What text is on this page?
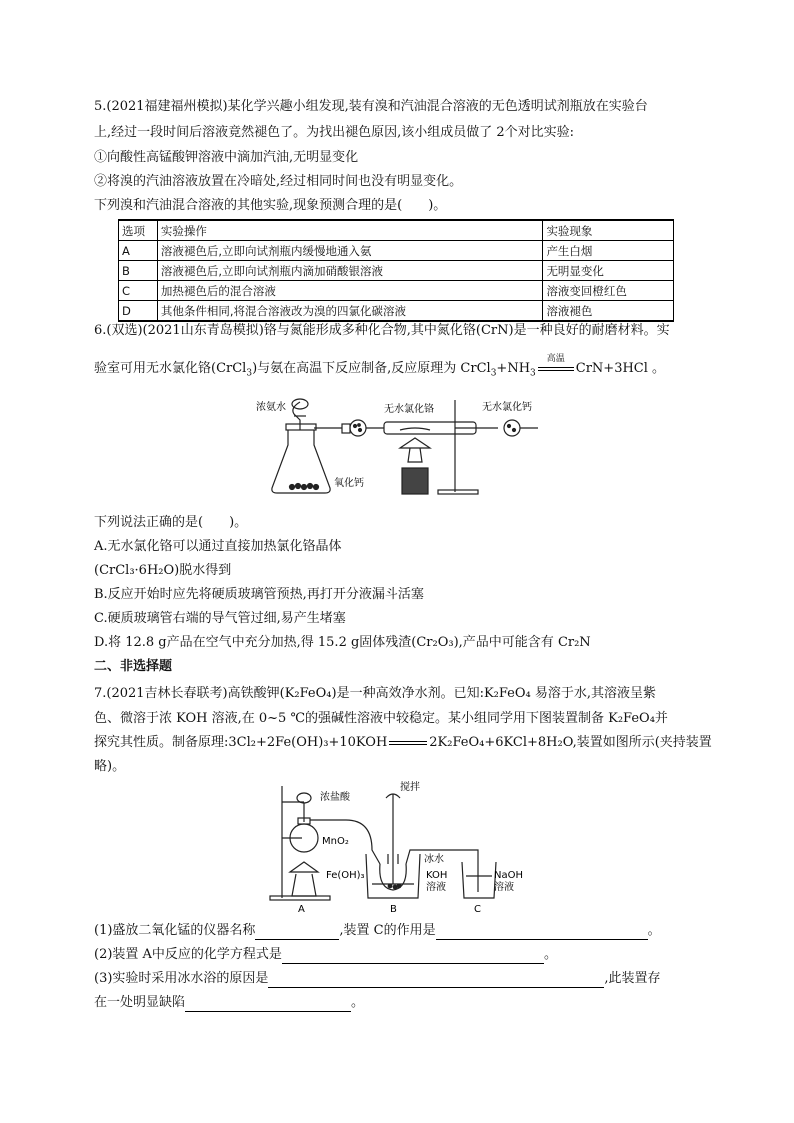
5.(2021福建福州模拟)某化学兴趣小组发现,装有溴和汽油混合溶液的无色透明试剂瓶放在实验台
上,经过一段时间后溶液竟然褪色了。为找出褪色原因,该小组成员做了 2个对比实验:
①向酸性高锰酸钾溶液中滴加汽油,无明显变化
②将溴的汽油溶液放置在冷暗处,经过相同时间也没有明显变化。
下列溴和汽油混合溶液的其他实验,现象预测合理的是(　　)。
选项	实验操作	实验现象
A	溶液褪色后,立即向试剂瓶内缓慢地通入氨	产生白烟
B	溶液褪色后,立即向试剂瓶内滴加硝酸银溶液	无明显变化
C	加热褪色后的混合溶液	溶液变回橙红色
D	其他条件相同,将混合溶液改为溴的四氯化碳溶液	溶液褪色
6.(双选)(2021山东青岛模拟)铬与氮能形成多种化合物,其中氮化铬(CrN)是一种良好的耐磨材料。实
验室可用无水氯化铬(CrCl$_3$)与氨在高温下反应制备,反应原理为 $CrCl_3+NH_3$
高温
CrN+3HCl 。
浓氨水	无水氯化铬	无水氯化钙
氧化钙
下列说法正确的是(　　)。
A.无水氯化铬可以通过直接加热氯化铬晶体
(CrCl₃·6H₂O)脱水得到
B.反应开始时应先将硬质玻璃管预热,再打开分液漏斗活塞
C.硬质玻璃管右端的导气管过细,易产生堵塞
D.将 12.8 g产品在空气中充分加热,得 15.2 g固体残渣(Cr₂O₃),产品中可能含有 Cr₂N
二、非选择题
7.(2021吉林长春联考)高铁酸钾(K₂FeO₄)是一种高效净水剂。已知:K₂FeO₄ 易溶于水,其溶液呈紫
色、微溶于浓 KOH 溶液,在 0~5 ℃的强碱性溶液中较稳定。某小组同学用下图装置制备 K₂FeO₄并
探究其性质。制备原理:3Cl₂+2Fe(OH)₃+10KOH	2K₂FeO₄+6KCl+8H₂O,装置如图所示(夹持装置
略)。
浓盐酸
搅拌
MnO₂
Fe(OH)₃
冰水
KOH
溶液
NaOH
溶液
A	B	C
(1)盛放二氧化锰的仪器名称	,装置 C的作用是	。
(2)装置 A中反应的化学方程式是	。
(3)实验时采用冰水浴的原因是	,此装置存
在一处明显缺陷	。
